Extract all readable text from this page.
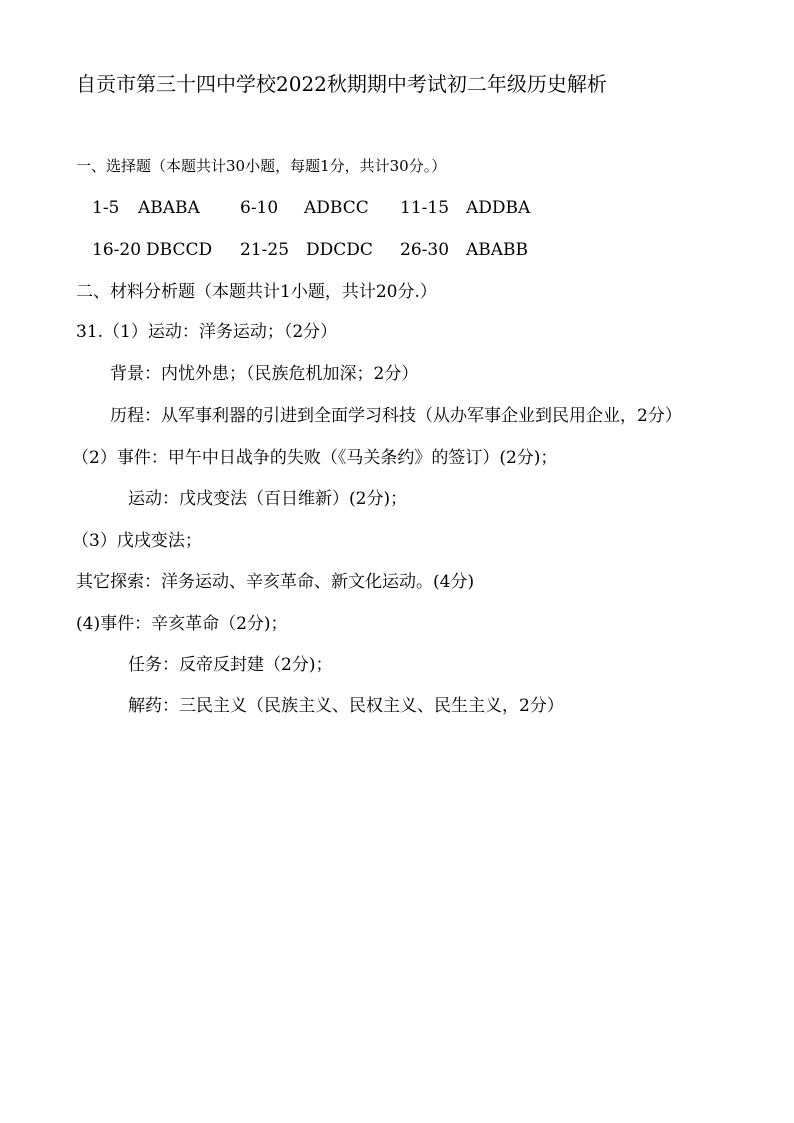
自贡市第三十四中学校2022秋期期中考试初二年级历史解析
一、选择题（本题共计30小题，每题1分，共计30分。）
1-5 ABABA 6-10 ADBCC 11-15 ADDBA
16-20 DBCCD 21-25 DDCDC 26-30 ABABB
二、材料分析题（本题共计1小题，共计20分.）
31.（1）运动：洋务运动；（2分）
背景：内忧外患；（民族危机加深；2分）
历程：从军事利器的引进到全面学习科技（从办军事企业到民用企业，2分）
（2）事件：甲午中日战争的失败（《马关条约》的签订）(2分)；
运动：戊戌变法（百日维新）(2分)；
（3）戊戌变法；
其它探索：洋务运动、辛亥革命、新文化运动。(4分)
(4)事件：辛亥革命（2分)；
任务：反帝反封建（2分)；
解药：三民主义（民族主义、民权主义、民生主义，2分）
